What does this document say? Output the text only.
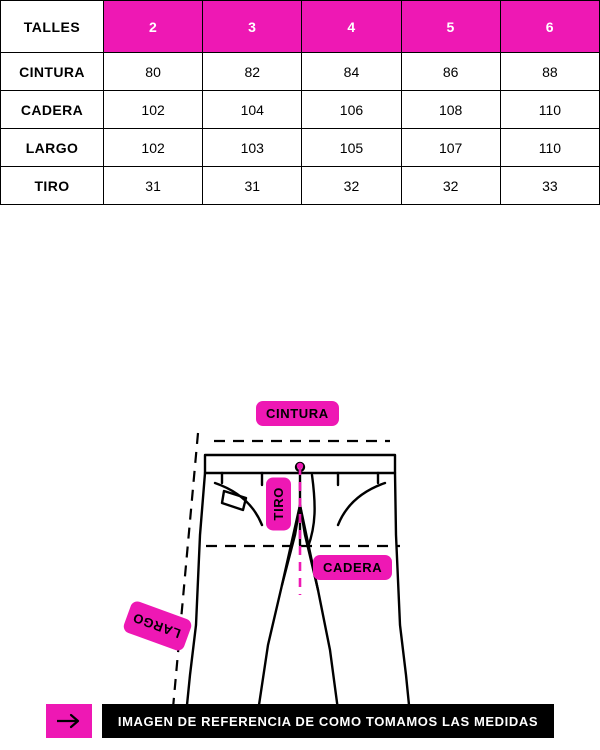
TALLES	2	3	4	5	6
CINTURA	80	82	84	86	88
CADERA	102	104	106	108	110
LARGO	102	103	105	107	110
TIRO	31	31	32	32	33
CINTURA
CADERA
TIRO
LARGO
IMAGEN DE REFERENCIA DE COMO TOMAMOS LAS MEDIDAS
